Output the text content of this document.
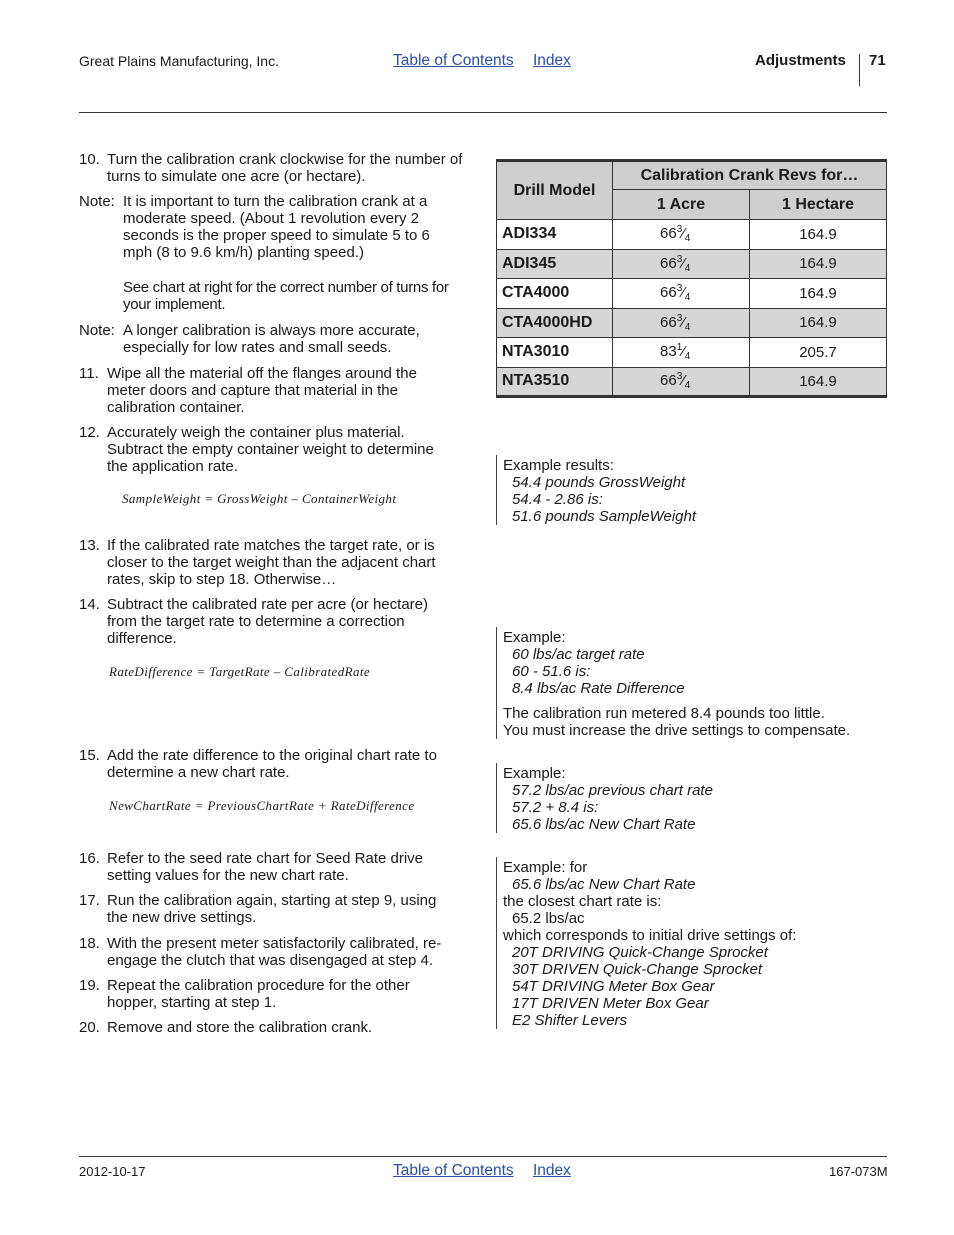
Great Plains Manufacturing, Inc.	Table of Contents Index	Adjustments 71
10. Turn the calibration crank clockwise for the number of turns to simulate one acre (or hectare).
Note: It is important to turn the calibration crank at a moderate speed. (About 1 revolution every 2 seconds is the proper speed to simulate 5 to 6 mph (8 to 9.6 km/h) planting speed.)
See chart at right for the correct number of turns for your implement.
Note: A longer calibration is always more accurate, especially for low rates and small seeds.
11. Wipe all the material off the flanges around the meter doors and capture that material in the calibration container.
12. Accurately weigh the container plus material. Subtract the empty container weight to determine the application rate.
SampleWeight = GrossWeight – ContainerWeight
13. If the calibrated rate matches the target rate, or is closer to the target weight than the adjacent chart rates, skip to step 18. Otherwise…
14. Subtract the calibrated rate per acre (or hectare) from the target rate to determine a correction difference.
RateDifference = TargetRate – CalibratedRate
15. Add the rate difference to the original chart rate to determine a new chart rate.
NewChartRate = PreviousChartRate + RateDifference
16. Refer to the seed rate chart for Seed Rate drive setting values for the new chart rate.
17. Run the calibration again, starting at step 9, using the new drive settings.
18. With the present meter satisfactorily calibrated, re-engage the clutch that was disengaged at step 4.
19. Repeat the calibration procedure for the other hopper, starting at step 1.
20. Remove and store the calibration crank.
Drill Model	Calibration Crank Revs for…	
	1 Acre	1 Hectare
ADI334	$66^3⁄_4$	164.9
ADI345	$66^3⁄_4$	164.9
CTA4000	$66^3⁄_4$	164.9
CTA4000HD	$66^3⁄_4$	164.9
NTA3010	$83^1⁄_4$	205.7
NTA3510	$66^3⁄_4$	164.9
Example results:
54.4 pounds GrossWeight
54.4 - 2.86 is:
51.6 pounds SampleWeight
Example:
60 lbs/ac target rate
60 - 51.6 is:
8.4 lbs/ac Rate Difference
The calibration run metered 8.4 pounds too little.
You must increase the drive settings to compensate.
Example:
57.2 lbs/ac previous chart rate
57.2 + 8.4 is:
65.6 lbs/ac New Chart Rate
Example: for
65.6 lbs/ac New Chart Rate
the closest chart rate is:
65.2 lbs/ac
which corresponds to initial drive settings of:
20T DRIVING Quick-Change Sprocket
30T DRIVEN Quick-Change Sprocket
54T DRIVING Meter Box Gear
17T DRIVEN Meter Box Gear
E2 Shifter Levers
2012-10-17	Table of Contents Index	167-073M
